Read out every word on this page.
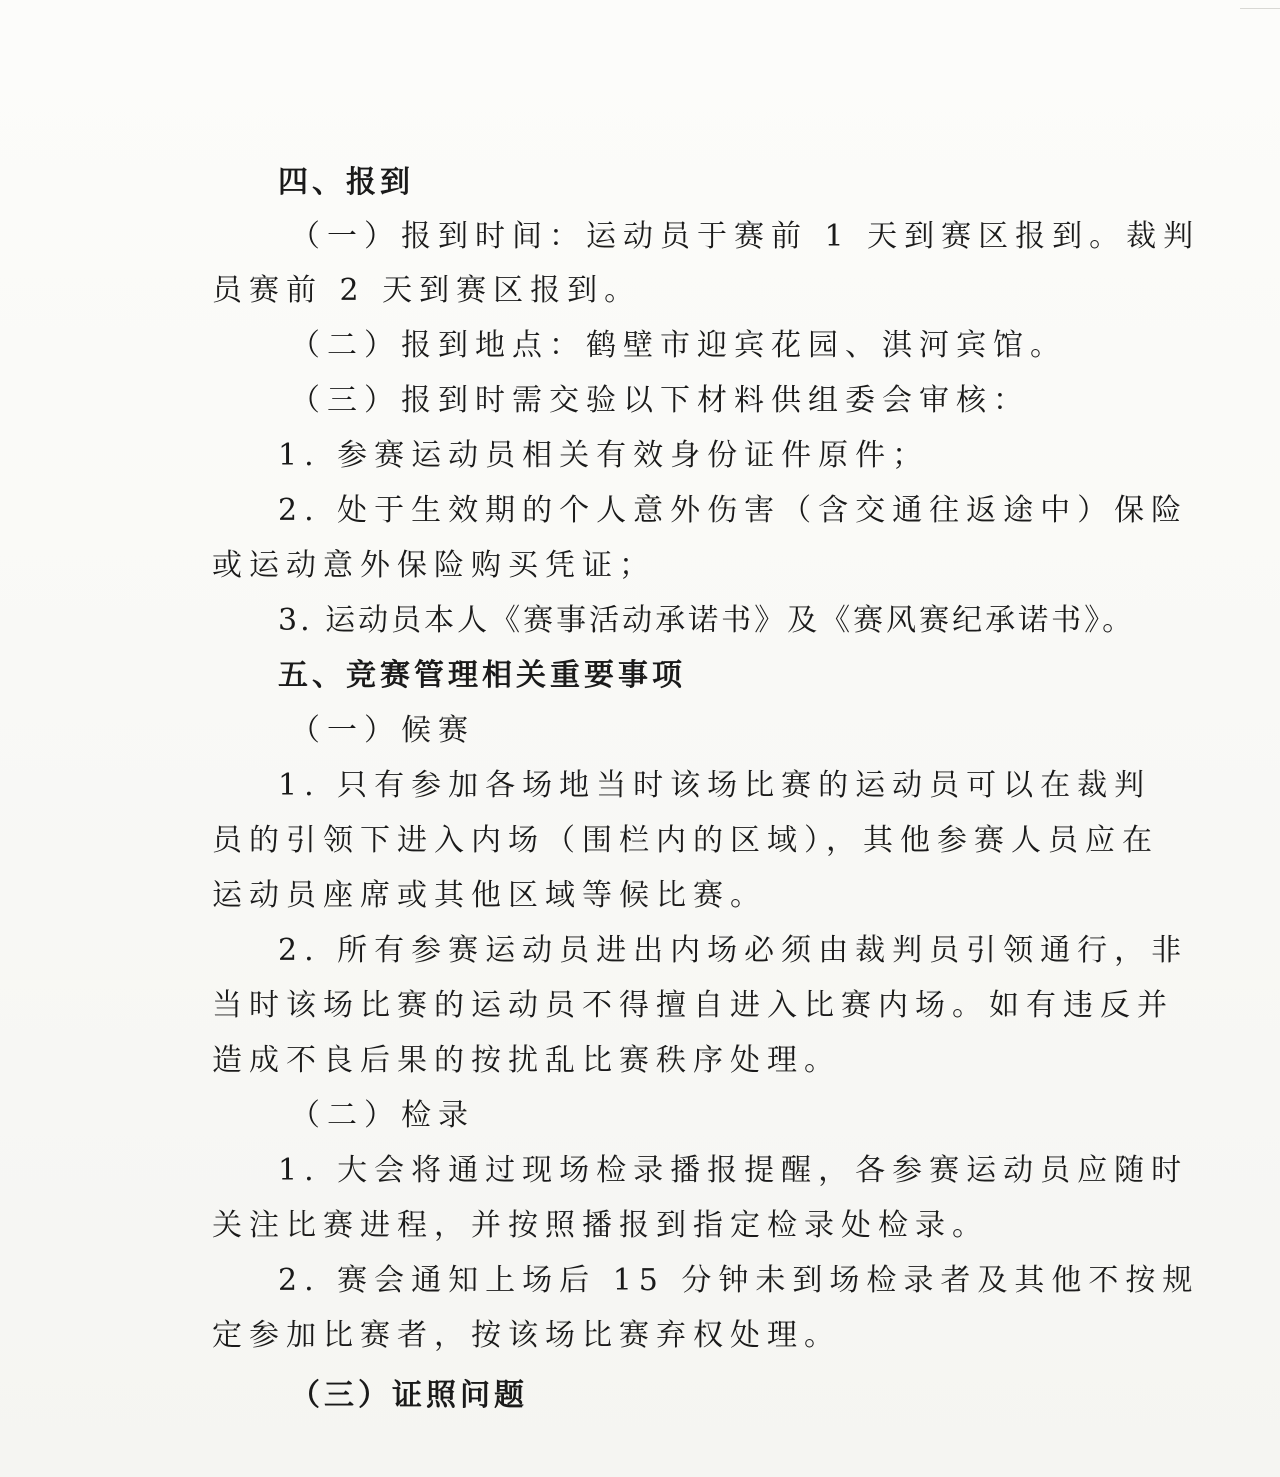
四、报到
（一）报到时间：运动员于赛前 1 天到赛区报到。裁判
员赛前 2 天到赛区报到。
（二）报到地点：鹤壁市迎宾花园、淇河宾馆。
（三）报到时需交验以下材料供组委会审核：
1. 参赛运动员相关有效身份证件原件；
2. 处于生效期的个人意外伤害（含交通往返途中）保险
或运动意外保险购买凭证；
3. 运动员本人《赛事活动承诺书》及《赛风赛纪承诺书》。
五、竞赛管理相关重要事项
（一）候赛
1. 只有参加各场地当时该场比赛的运动员可以在裁判
员的引领下进入内场（围栏内的区域），其他参赛人员应在
运动员座席或其他区域等候比赛。
2. 所有参赛运动员进出内场必须由裁判员引领通行，非
当时该场比赛的运动员不得擅自进入比赛内场。如有违反并
造成不良后果的按扰乱比赛秩序处理。
（二）检录
1. 大会将通过现场检录播报提醒，各参赛运动员应随时
关注比赛进程，并按照播报到指定检录处检录。
2. 赛会通知上场后 15 分钟未到场检录者及其他不按规
定参加比赛者，按该场比赛弃权处理。
（三）证照问题
